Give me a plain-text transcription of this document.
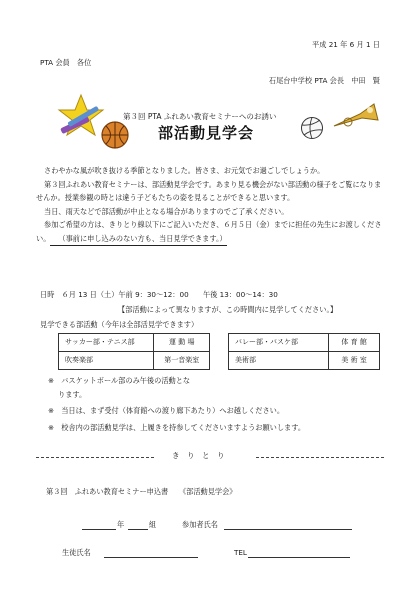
平成 21 年 6 月 1 日
PTA 会員　各位
石尾台中学校 PTA 会長　中田　賢
第３回 PTA ふれあい教育セミナーへのお誘い
部活動見学会
さわやかな風が吹き抜ける季節となりました。皆さま、お元気でお過ごしでしょうか。
第３回ふれあい教育セミナーは、部活動見学会です。あまり見る機会がない部活動の様子をご覧になりませんか。授業参観の時とは違う子どもたちの姿を見ることができると思います。
当日、雨天などで部活動が中止となる場合がありますのでご了承ください。
参加ご希望の方は、きりとり線以下にご記入いただき、６月５日（金）までに担任の先生にお渡しください。 （事前に申し込みのない方も、当日見学できます。）
日時　６月 13 日（土）午前 9：30～12：00　　午後 13：00～14：30
【部活動によって異なりますが、この時間内に見学してください。】
見学できる部活動（今年は全部活見学できます）
サッカー部・テニス部	運 動 場
吹奏楽部	第一音楽室
バレー部・バスケ部	体 育 館
美術部	美 術 室
※　バスケットボール部のみ午後の活動とな
ります。
※　当日は、まず受付（体育館への渡り廊下あたり）へお越しください。
※　校舎内の部活動見学は、上履きを持参してくださいますようお願いします。
き　り　と　り
第３回　ふれあい教育セミナー申込書　　《部活動見学会》
年	組	参加者氏名
生徒氏名	TEL
